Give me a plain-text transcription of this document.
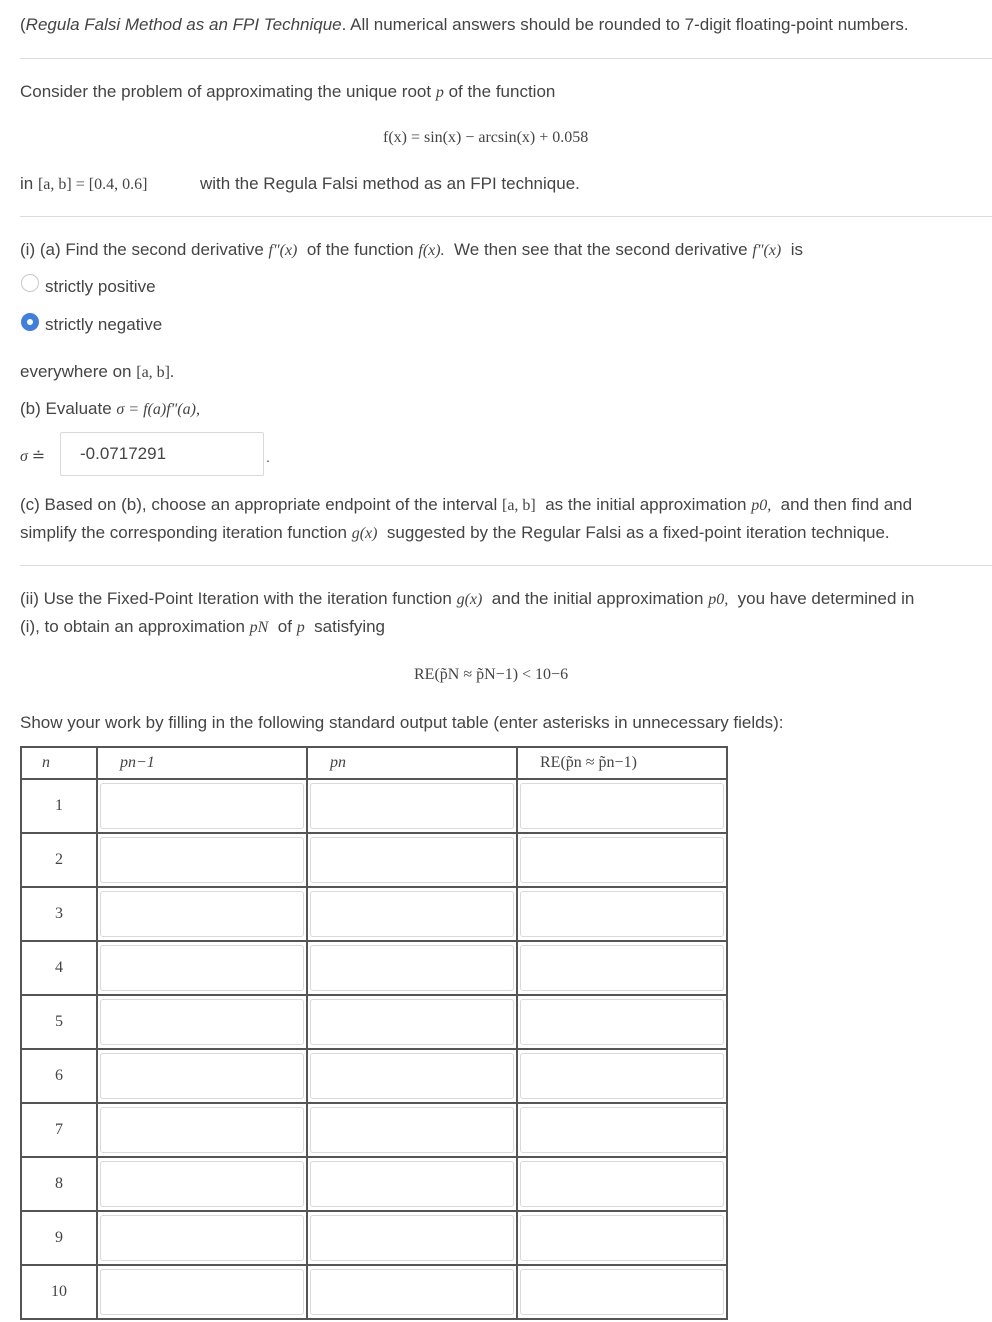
(Regula Falsi Method as an FPI Technique. All numerical answers should be rounded to 7-digit floating-point numbers.
Consider the problem of approximating the unique root p of the function
f(x) = sin(x) − arcsin(x) + 0.058
in [a, b] = [0.4, 0.6]	with the Regula Falsi method as an FPI technique.
(i) (a) Find the second derivative f″(x) of the function f(x). We then see that the second derivative f″(x) is
strictly positive
strictly negative
everywhere on [a, b].
(b) Evaluate σ = f(a)f″(a),
σ ≐	-0.0717291	.
(c) Based on (b), choose an appropriate endpoint of the interval [a, b] as the initial approximation p0, and then find and
simplify the corresponding iteration function g(x) suggested by the Regular Falsi as a fixed-point iteration technique.
(ii) Use the Fixed-Point Iteration with the iteration function g(x) and the initial approximation p0, you have determined in
(i), to obtain an approximation pN of p satisfying
RE(p̃N ≈ p̃N−1) < 10−6
Show your work by filling in the following standard output table (enter asterisks in unnecessary fields):
n	pn−1	pn	RE(p̃n ≈ p̃n−1)
1	

2	

3	

4	

5	

6	

7	

8	

9	

10	
